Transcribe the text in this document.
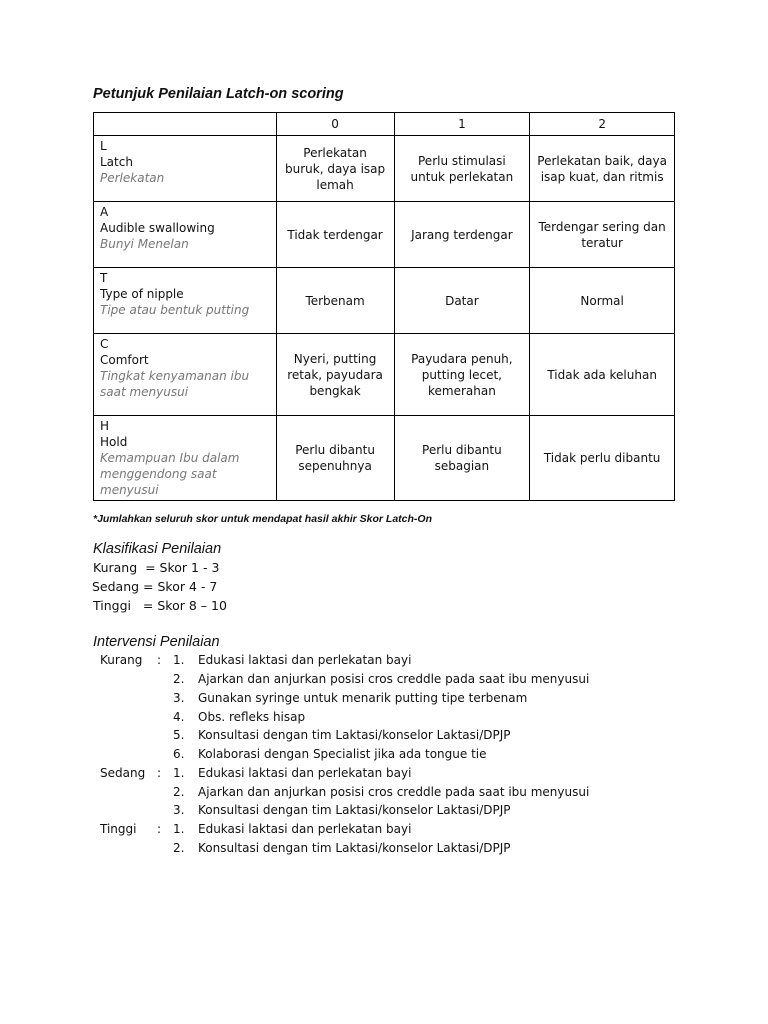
Petunjuk Penilaian Latch-on scoring
	0	1	2

L
Latch
Perlekatan	Perlekatan buruk, daya isap lemah	Perlu stimulasi untuk perlekatan	Perlekatan baik, daya isap kuat, dan ritmis

A
Audible swallowing
Bunyi Menelan	Tidak terdengar	Jarang terdengar	Terdengar sering dan teratur

T
Type of nipple
Tipe atau bentuk putting	Terbenam	Datar	Normal

C
Comfort
Tingkat kenyamanan ibu saat menyusui	Nyeri, putting retak, payudara bengkak	Payudara penuh, putting lecet, kemerahan	Tidak ada keluhan

H
Hold
Kemampuan Ibu dalam menggendong saat menyusui	Perlu dibantu sepenuhnya	Perlu dibantu sebagian	Tidak perlu dibantu
*Jumlahkan seluruh skor untuk mendapat hasil akhir Skor Latch-On
Klasifikasi Penilaian
Kurang  = Skor 1 - 3
Sedang = Skor 4 - 7
Tinggi   = Skor 8 – 10
Intervensi Penilaian
Kurang : 1. Edukasi laktasi dan perlekatan bayi
2. Ajarkan dan anjurkan posisi cros creddle pada saat ibu menyusui
3. Gunakan syringe untuk menarik putting tipe terbenam
4. Obs. refleks hisap
5. Konsultasi dengan tim Laktasi/konselor Laktasi/DPJP
6. Kolaborasi dengan Specialist jika ada tongue tie
Sedang : 1. Edukasi laktasi dan perlekatan bayi
2. Ajarkan dan anjurkan posisi cros creddle pada saat ibu menyusui
3. Konsultasi dengan tim Laktasi/konselor Laktasi/DPJP
Tinggi : 1. Edukasi laktasi dan perlekatan bayi
2. Konsultasi dengan tim Laktasi/konselor Laktasi/DPJP
